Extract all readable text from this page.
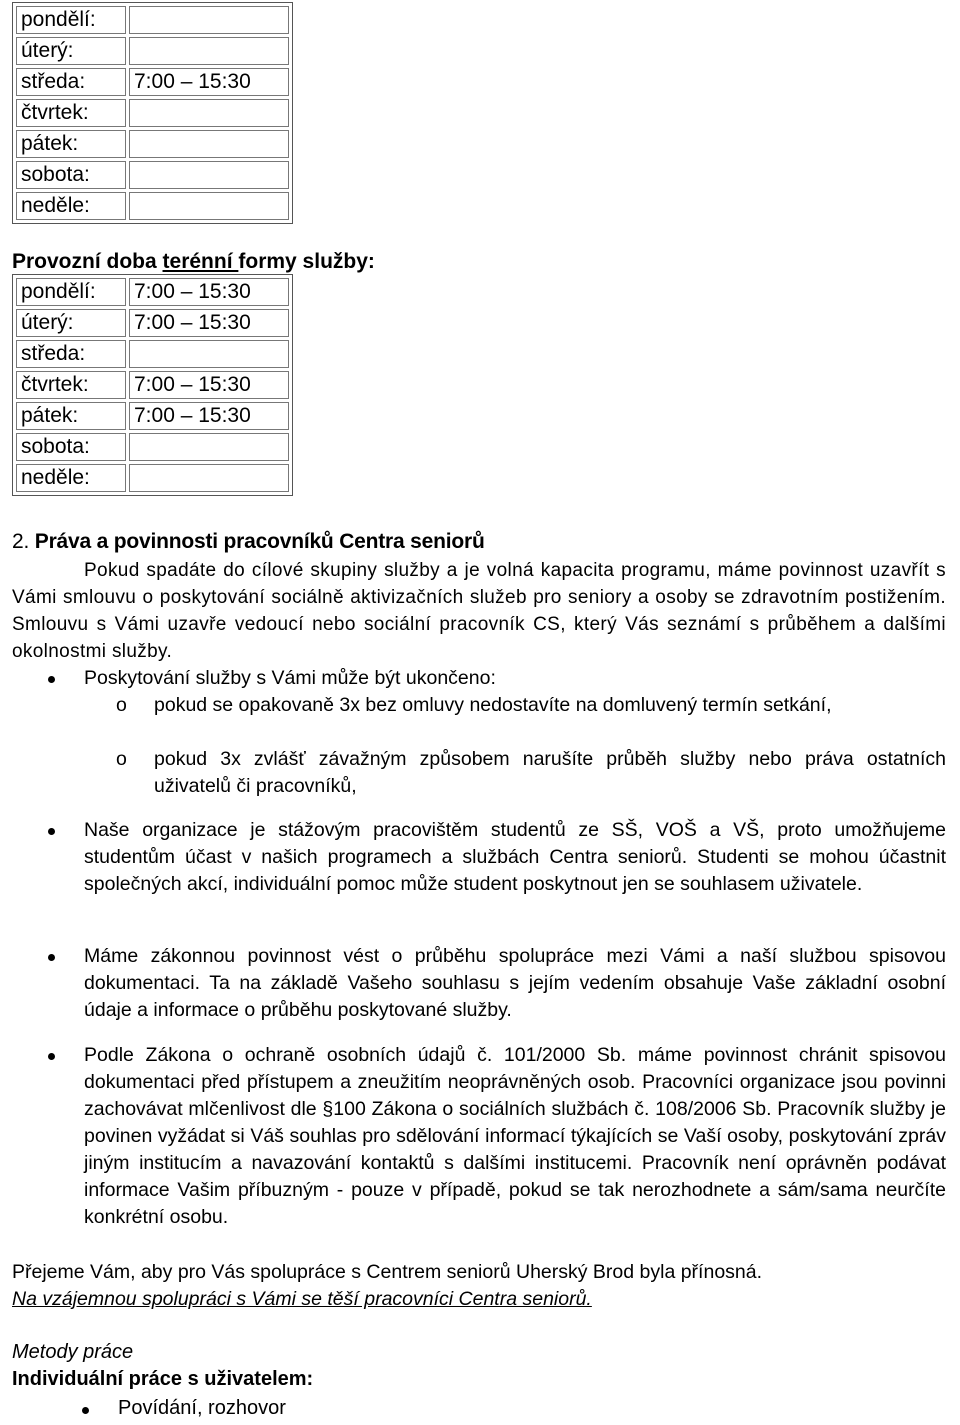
pondělí:	
úterý:	
středa:	7:00 – 15:30
čtvrtek:	
pátek:	
sobota:	
neděle:	
Provozní doba terénní formy služby:
pondělí:	7:00 – 15:30
úterý:	7:00 – 15:30
středa:	
čtvrtek:	7:00 – 15:30
pátek:	7:00 – 15:30
sobota:	
neděle:	
2. Práva a povinnosti pracovníků Centra seniorů
Pokud spadáte do cílové skupiny služby a je volná kapacita programu, máme povinnost uzavřít s Vámi smlouvu o poskytování sociálně aktivizačních služeb pro seniory a osoby se zdravotním postižením. Smlouvu s Vámi uzavře vedoucí nebo sociální pracovník CS, který Vás seznámí s průběhem a dalšími okolnostmi služby.
Poskytování služby s Vámi může být ukončeno:
o pokud se opakovaně 3x bez omluvy nedostavíte na domluvený termín setkání,
o pokud 3x zvlášť závažným způsobem narušíte průběh služby nebo práva ostatních uživatelů či pracovníků,
Naše organizace je stážovým pracovištěm studentů ze SŠ, VOŠ a VŠ, proto umožňujeme studentům účast v našich programech a službách Centra seniorů. Studenti se mohou účastnit společných akcí, individuální pomoc může student poskytnout jen se souhlasem uživatele.
Máme zákonnou povinnost vést o průběhu spolupráce mezi Vámi a naší službou spisovou dokumentaci. Ta na základě Vašeho souhlasu s jejím vedením obsahuje Vaše základní osobní údaje a informace o průběhu poskytované služby.
Podle Zákona o ochraně osobních údajů č. 101/2000 Sb. máme povinnost chránit spisovou dokumentaci před přístupem a zneužitím neoprávněných osob. Pracovníci organizace jsou povinni zachovávat mlčenlivost dle §100 Zákona o sociálních službách č. 108/2006 Sb. Pracovník služby je povinen vyžádat si Váš souhlas pro sdělování informací týkajících se Vaší osoby, poskytování zpráv jiným institucím a navazování kontaktů s dalšími institucemi. Pracovník není oprávněn podávat informace Vašim příbuzným - pouze v případě, pokud se tak nerozhodnete a sám/sama neurčíte konkrétní osobu.
Přejeme Vám, aby pro Vás spolupráce s Centrem seniorů Uherský Brod byla přínosná.
Na vzájemnou spolupráci s Vámi se těší pracovníci Centra seniorů.
Metody práce
Individuální práce s uživatelem:
Povídání, rozhovor
